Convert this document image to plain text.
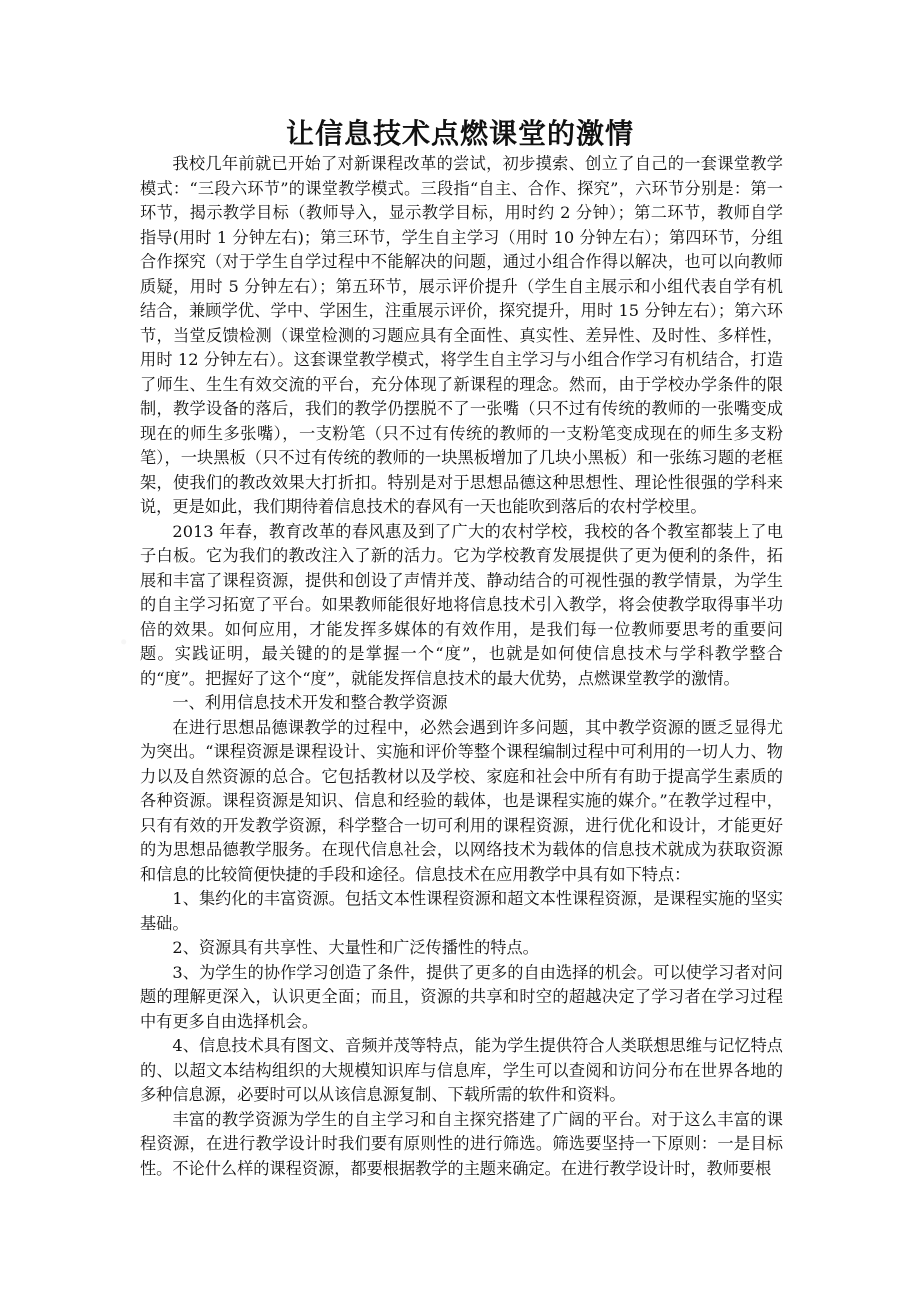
让信息技术点燃课堂的激情

我校几年前就已开始了对新课程改革的尝试，初步摸索、创立了自己的一套课堂教学模式：“三段六环节”的课堂教学模式。三段指“自主、合作、探究”，六环节分别是：第一环节，揭示教学目标（教师导入，显示教学目标，用时约 2 分钟）；第二环节，教师自学指导(用时 1 分钟左右)；第三环节，学生自主学习（用时 10 分钟左右）；第四环节，分组合作探究（对于学生自学过程中不能解决的问题，通过小组合作得以解决，也可以向教师质疑，用时 5 分钟左右）；第五环节，展示评价提升（学生自主展示和小组代表自学有机结合，兼顾学优、学中、学困生，注重展示评价，探究提升，用时 15 分钟左右）；第六环节，当堂反馈检测（课堂检测的习题应具有全面性、真实性、差异性、及时性、多样性，用时 12 分钟左右）。这套课堂教学模式，将学生自主学习与小组合作学习有机结合，打造了师生、生生有效交流的平台，充分体现了新课程的理念。然而，由于学校办学条件的限制，教学设备的落后，我们的教学仍摆脱不了一张嘴（只不过有传统的教师的一张嘴变成现在的师生多张嘴），一支粉笔（只不过有传统的教师的一支粉笔变成现在的师生多支粉笔），一块黑板（只不过有传统的教师的一块黑板增加了几块小黑板）和一张练习题的老框架，使我们的教改效果大打折扣。特别是对于思想品德这种思想性、理论性很强的学科来说，更是如此，我们期待着信息技术的春风有一天也能吹到落后的农村学校里。

2013 年春，教育改革的春风惠及到了广大的农村学校，我校的各个教室都装上了电子白板。它为我们的教改注入了新的活力。它为学校教育发展提供了更为便利的条件，拓展和丰富了课程资源，提供和创设了声情并茂、静动结合的可视性强的教学情景，为学生的自主学习拓宽了平台。如果教师能很好地将信息技术引入教学，将会使教学取得事半功倍的效果。如何应用，才能发挥多媒体的有效作用，是我们每一位教师要思考的重要问题。实践证明，最关键的的是掌握一个“度”，也就是如何使信息技术与学科教学整合的“度”。把握好了这个“度”，就能发挥信息技术的最大优势，点燃课堂教学的激情。

一、利用信息技术开发和整合教学资源

在进行思想品德课教学的过程中，必然会遇到许多问题，其中教学资源的匮乏显得尤为突出。“课程资源是课程设计、实施和评价等整个课程编制过程中可利用的一切人力、物力以及自然资源的总合。它包括教材以及学校、家庭和社会中所有有助于提高学生素质的各种资源。课程资源是知识、信息和经验的载体，也是课程实施的媒介。”在教学过程中，只有有效的开发教学资源，科学整合一切可利用的课程资源，进行优化和设计，才能更好的为思想品德教学服务。在现代信息社会，以网络技术为载体的信息技术就成为获取资源和信息的比较简便快捷的手段和途径。信息技术在应用教学中具有如下特点：

1、集约化的丰富资源。包括文本性课程资源和超文本性课程资源，是课程实施的坚实基础。

2、资源具有共享性、大量性和广泛传播性的特点。

3、为学生的协作学习创造了条件，提供了更多的自由选择的机会。可以使学习者对问题的理解更深入，认识更全面；而且，资源的共享和时空的超越决定了学习者在学习过程中有更多自由选择机会。

4、信息技术具有图文、音频并茂等特点，能为学生提供符合人类联想思维与记忆特点的、以超文本结构组织的大规模知识库与信息库，学生可以查阅和访问分布在世界各地的多种信息源，必要时可以从该信息源复制、下载所需的软件和资料。

丰富的教学资源为学生的自主学习和自主探究搭建了广阔的平台。对于这么丰富的课程资源，在进行教学设计时我们要有原则性的进行筛选。筛选要坚持一下原则：一是目标性。不论什么样的课程资源，都要根据教学的主题来确定。在进行教学设计时，教师要根
